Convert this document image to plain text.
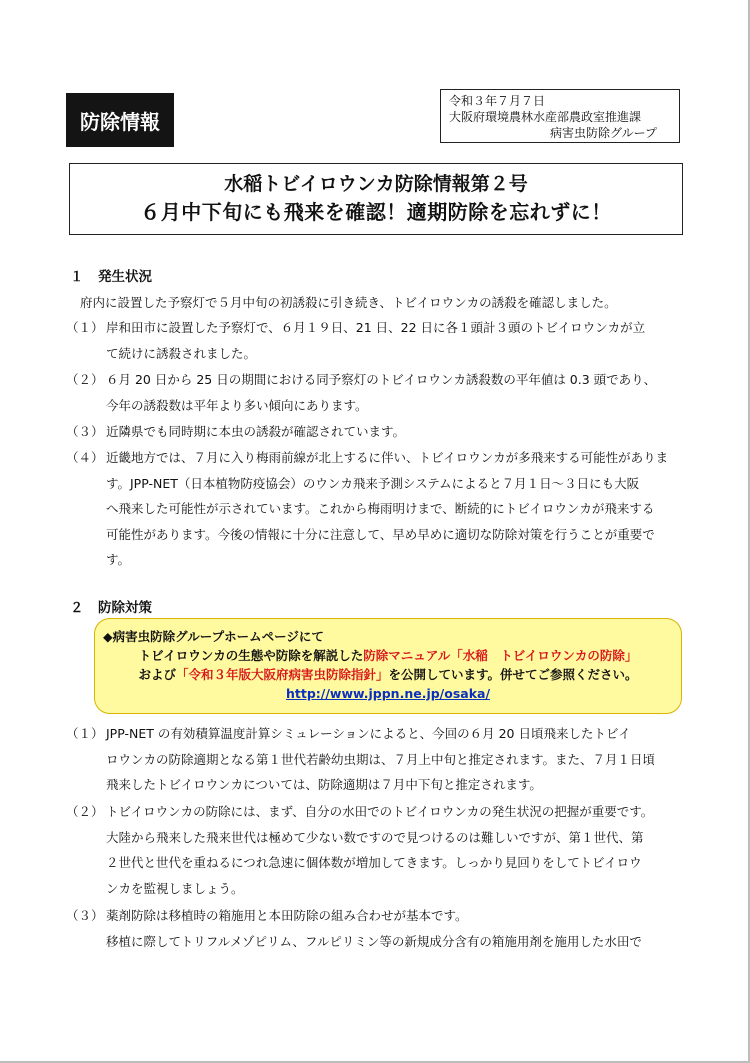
防除情報
令和３年７月７日
大阪府環境農林水産部農政室推進課
病害虫防除グループ
水稲トビイロウンカ防除情報第２号
６月中下旬にも飛来を確認！適期防除を忘れずに！
１ 発生状況
府内に設置した予察灯で５月中旬の初誘殺に引き続き、トビイロウンカの誘殺を確認しました。
（１） 岸和田市に設置した予察灯で、６月１９日、21 日、22 日に各１頭計３頭のトビイロウンカが立
て続けに誘殺されました。
（２） ６月 20 日から 25 日の期間における同予察灯のトビイロウンカ誘殺数の平年値は 0.3 頭であり、
今年の誘殺数は平年より多い傾向にあります。
（３） 近隣県でも同時期に本虫の誘殺が確認されています。
（４） 近畿地方では、７月に入り梅雨前線が北上するに伴い、トビイロウンカが多飛来する可能性がありま
す。JPP-NET（日本植物防疫協会）のウンカ飛来予測システムによると７月１日～３日にも大阪
へ飛来した可能性が示されています。これから梅雨明けまで、断続的にトビイロウンカが飛来する
可能性があります。今後の情報に十分に注意して、早め早めに適切な防除対策を行うことが重要で
す。
２ 防除対策
◆病害虫防除グループホームページにて
トビイロウンカの生態や防除を解説した防除マニュアル「水稲　トビイロウンカの防除」
および「令和３年版大阪府病害虫防除指針」を公開しています。併せてご参照ください。
http://www.jppn.ne.jp/osaka/
（１） JPP-NET の有効積算温度計算シミュレーションによると、今回の６月 20 日頃飛来したトビイ
ロウンカの防除適期となる第１世代若齢幼虫期は、７月上中旬と推定されます。また、７月１日頃
飛来したトビイロウンカについては、防除適期は７月中下旬と推定されます。
（２） トビイロウンカの防除には、まず、自分の水田でのトビイロウンカの発生状況の把握が重要です。
大陸から飛来した飛来世代は極めて少ない数ですので見つけるのは難しいですが、第１世代、第
２世代と世代を重ねるにつれ急速に個体数が増加してきます。しっかり見回りをしてトビイロウ
ンカを監視しましょう。
（３） 薬剤防除は移植時の箱施用と本田防除の組み合わせが基本です。
移植に際してトリフルメゾピリム、フルピリミン等の新規成分含有の箱施用剤を施用した水田で
